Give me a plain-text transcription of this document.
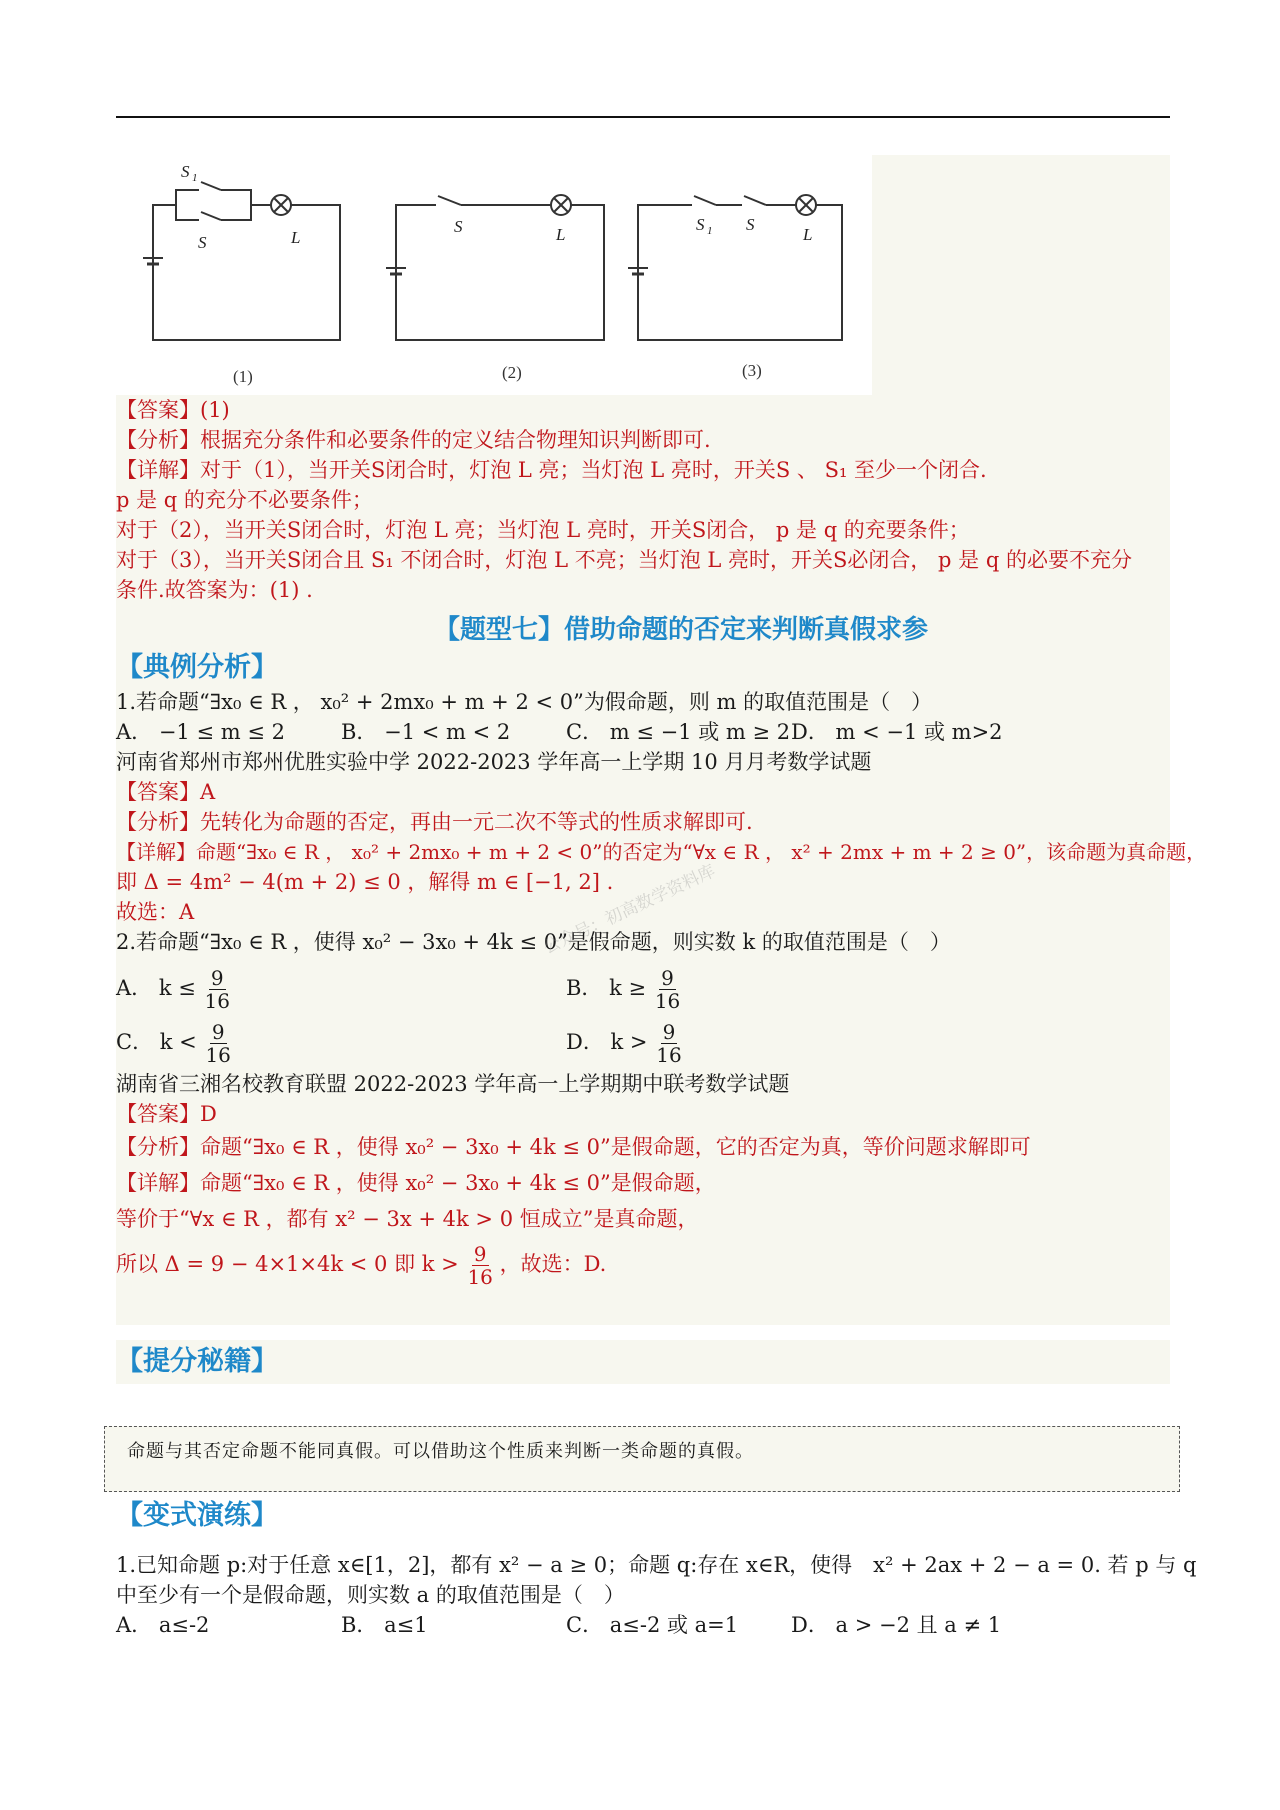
S 1
S	L
S	L
S 1 S
L
(1)	(2)	(3)
【答案】(1)
【分析】根据充分条件和必要条件的定义结合物理知识判断即可.
【详解】对于（1），当开关S闭合时，灯泡 L 亮；当灯泡 L 亮时，开关S 、 S₁ 至少一个闭合.
p 是 q 的充分不必要条件；
对于（2），当开关S闭合时，灯泡 L 亮；当灯泡 L 亮时，开关S闭合， p 是 q 的充要条件；
对于（3），当开关S闭合且 S₁ 不闭合时，灯泡 L 不亮；当灯泡 L 亮时，开关S必闭合， p 是 q 的必要不充分
条件.故答案为：(1) .
【题型七】借助命题的否定来判断真假求参
【典例分析】
1.若命题“∃x₀ ∈ R ， x₀² + 2mx₀ + m + 2 < 0”为假命题，则 m 的取值范围是（　）
A． −1 ≤ m ≤ 2	B． −1 < m < 2	C． m ≤ −1 或 m ≥ 2 D． m < −1 或 m>2
河南省郑州市郑州优胜实验中学 2022-2023 学年高一上学期 10 月月考数学试题
【答案】A
【分析】先转化为命题的否定，再由一元二次不等式的性质求解即可.
【详解】命题“∃x₀ ∈ R ， x₀² + 2mx₀ + m + 2 < 0”的否定为“∀x ∈ R ， x² + 2mx + m + 2 ≥ 0”，该命题为真命题，
即 Δ = 4m² − 4(m + 2) ≤ 0 ，解得 m ∈ [−1, 2] .
故选：A
2.若命题“∃x₀ ∈ R ，使得 x₀² − 3x₀ + 4k ≤ 0”是假命题，则实数 k 的取值范围是（　）
A． $k \le \frac{9}{16}$	B． $k \ge \frac{9}{16}$
C． $k < \frac{9}{16}$	D． $k > \frac{9}{16}$
湖南省三湘名校教育联盟 2022-2023 学年高一上学期期中联考数学试题
【答案】D
【分析】命题“∃x₀ ∈ R ，使得 x₀² − 3x₀ + 4k ≤ 0”是假命题，它的否定为真，等价问题求解即可
【详解】命题“∃x₀ ∈ R ，使得 x₀² − 3x₀ + 4k ≤ 0”是假命题，
等价于“∀x ∈ R ，都有 x² − 3x + 4k > 0 恒成立”是真命题，
所以 Δ = 9 − 4×1×4k < 0 即 $k > \frac{9}{16}$ ，故选：D.
【提分秘籍】
命题与其否定命题不能同真假。可以借助这个性质来判断一类命题的真假。
【变式演练】
1.已知命题 p:对于任意 x∈[1，2]，都有 x² − a ≥ 0；命题 q:存在 x∈R，使得　x² + 2ax + 2 − a = 0. 若 p 与 q
中至少有一个是假命题，则实数 a 的取值范围是（　）
A． a≤-2	B． a≤1	C． a≤-2 或 a=1	D． a > −2 且 a ≠ 1
公众号：初高数学资料库
